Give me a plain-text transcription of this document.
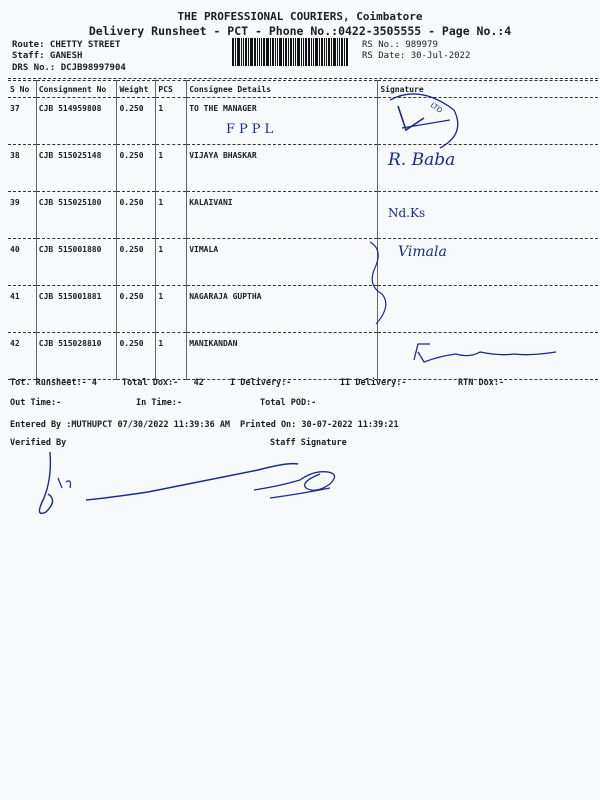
THE PROFESSIONAL COURIERS, Coimbatore
Delivery Runsheet - PCT - Phone No.:0422-3505555 - Page No.:4
Route: CHETTY STREET
Staff: GANESH
DRS No.: DCJB98997904
RS No.: 989979
RS Date: 30-Jul-2022
S No	Consignment No	Weight	PCS	Consignee Details	Signature
37	CJB 514959808	0.250	1	TO THE MANAGER	
38	CJB 515025148	0.250	1	VIJAYA BHASKAR	
39	CJB 515025180	0.250	1	KALAIVANI	
40	CJB 515001880	0.250	1	VIMALA	
41	CJB 515001881	0.250	1	NAGARAJA GUPTHA	
42	CJB 515028810	0.250	1	MANIKANDAN	
FPPL
LTD
R. Baba
Nd.Ks
Vimala
Tot. Runsheet:- 4	Total Dox:-   42	I Delivery:-	II Delivery:-	RTN Dox:-
Out Time:-	In Time:-	Total POD:-
Entered By :MUTHUPCT 07/30/2022 11:39:36 AM Printed On: 30-07-2022 11:39:21
Verified By	Staff Signature
